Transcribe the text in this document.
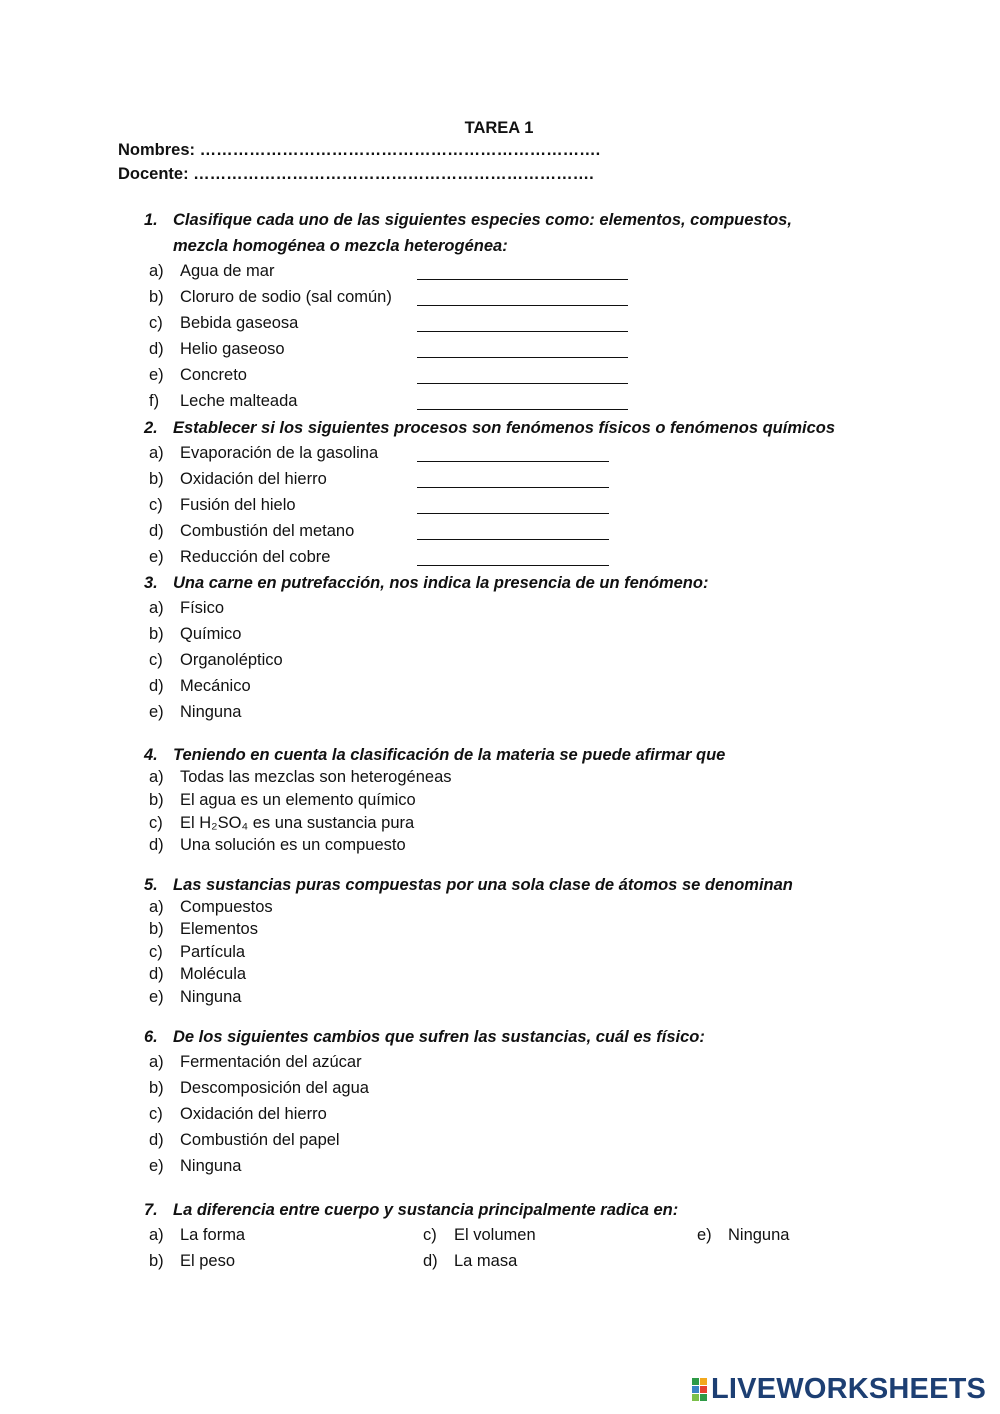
TAREA 1
Nombres: ……………………………………………………………….
Docente: ……………………………………………………………….
1. Clasifique cada uno de las siguientes especies como: elementos, compuestos, mezcla homogénea o mezcla heterogénea:
a) Agua de mar
b) Cloruro de sodio (sal común)
c) Bebida gaseosa
d) Helio gaseoso
e) Concreto
f) Leche malteada
2. Establecer si los siguientes procesos son fenómenos físicos o fenómenos químicos
a) Evaporación de la gasolina
b) Oxidación del hierro
c) Fusión del hielo
d) Combustión del metano
e) Reducción del cobre
3. Una carne en putrefacción, nos indica la presencia de un fenómeno:
a) Físico
b) Químico
c) Organoléptico
d) Mecánico
e) Ninguna
4. Teniendo en cuenta la clasificación de la materia se puede afirmar que
a) Todas las mezclas son heterogéneas
b) El agua es un elemento químico
c) El H₂SO₄ es una sustancia pura
d) Una solución es un compuesto
5. Las sustancias puras compuestas por una sola clase de átomos se denominan
a) Compuestos
b) Elementos
c) Partícula
d) Molécula
e) Ninguna
6. De los siguientes cambios que sufren las sustancias, cuál es físico:
a) Fermentación del azúcar
b) Descomposición del agua
c) Oxidación del hierro
d) Combustión del papel
e) Ninguna
7. La diferencia entre cuerpo y sustancia principalmente radica en:
a) La forma
b) El peso
c) El volumen
d) La masa
e) Ninguna
LIVEWORKSHEETS
